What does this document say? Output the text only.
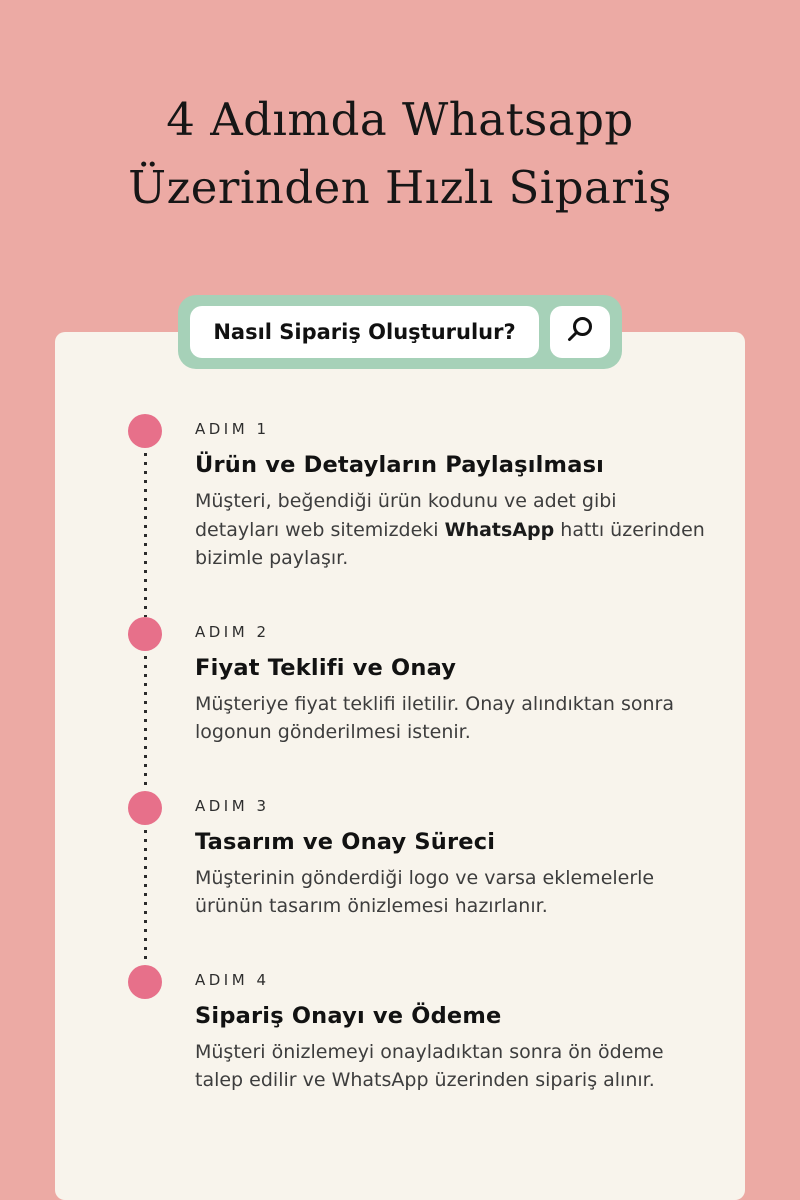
4 Adımda Whatsapp
Üzerinden Hızlı Sipariş
Nasıl Sipariş Oluşturulur?
ADIM 1
Ürün ve Detayların Paylaşılması

Müşteri, beğendiği ürün kodunu ve adet gibi detayları web sitemizdeki WhatsApp hattı üzerinden bizimle paylaşır.

ADIM 2
Fiyat Teklifi ve Onay

Müşteriye fiyat teklifi iletilir. Onay alındıktan sonra logonun gönderilmesi istenir.

ADIM 3
Tasarım ve Onay Süreci

Müşterinin gönderdiği logo ve varsa eklemelerle ürünün tasarım önizlemesi hazırlanır.

ADIM 4
Sipariş Onayı ve Ödeme

Müşteri önizlemeyi onayladıktan sonra ön ödeme talep edilir ve WhatsApp üzerinden sipariş alınır.
